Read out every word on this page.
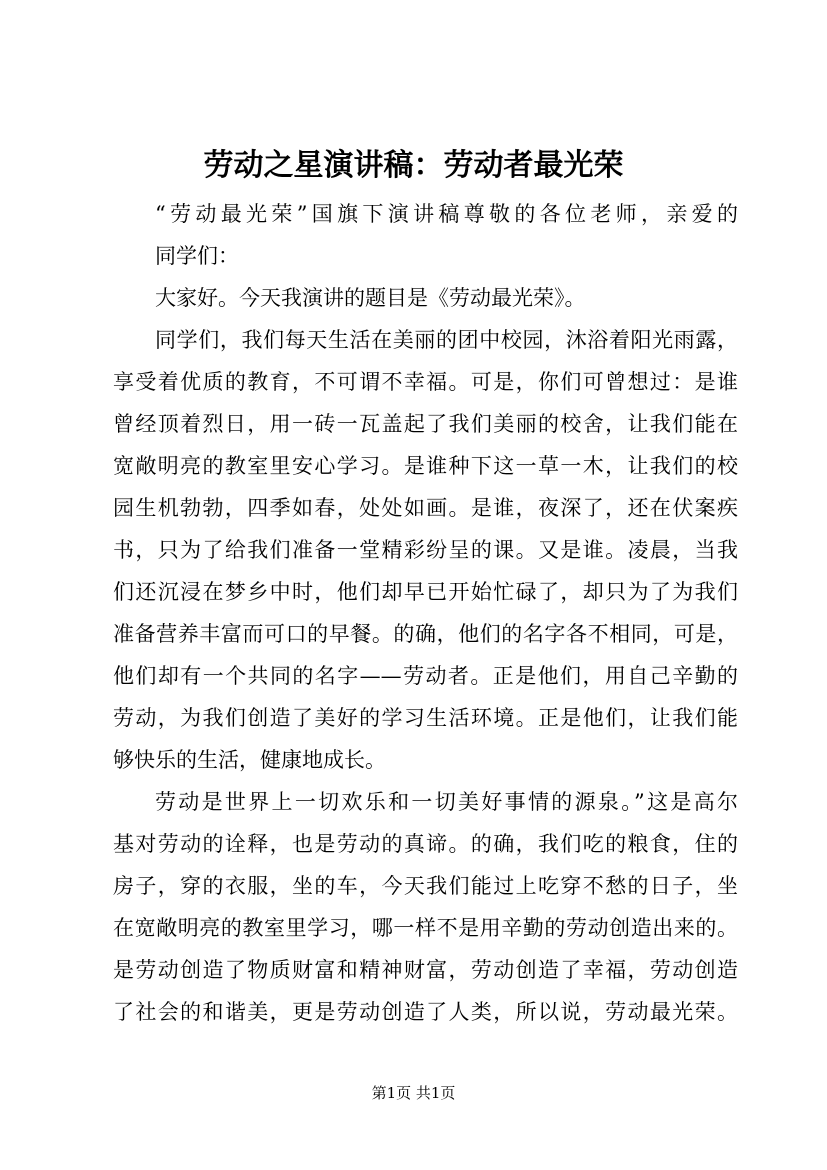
劳动之星演讲稿：劳动者最光荣

“劳动最光荣”国旗下演讲稿尊敬的各位老师，亲爱的

同学们：

大家好。今天我演讲的题目是《劳动最光荣》。

同学们，我们每天生活在美丽的团中校园，沐浴着阳光雨露，

享受着优质的教育，不可谓不幸福。可是，你们可曾想过：是谁

曾经顶着烈日，用一砖一瓦盖起了我们美丽的校舍，让我们能在

宽敞明亮的教室里安心学习。是谁种下这一草一木，让我们的校

园生机勃勃，四季如春，处处如画。是谁，夜深了，还在伏案疾

书，只为了给我们准备一堂精彩纷呈的课。又是谁。凌晨，当我

们还沉浸在梦乡中时，他们却早已开始忙碌了，却只为了为我们

准备营养丰富而可口的早餐。的确，他们的名字各不相同，可是，

他们却有一个共同的名字——劳动者。正是他们，用自己辛勤的

劳动，为我们创造了美好的学习生活环境。正是他们，让我们能

够快乐的生活，健康地成长。

劳动是世界上一切欢乐和一切美好事情的源泉。”这是高尔

基对劳动的诠释，也是劳动的真谛。的确，我们吃的粮食，住的

房子，穿的衣服，坐的车，今天我们能过上吃穿不愁的日子，坐

在宽敞明亮的教室里学习，哪一样不是用辛勤的劳动创造出来的。

是劳动创造了物质财富和精神财富，劳动创造了幸福，劳动创造

了社会的和谐美，更是劳动创造了人类，所以说，劳动最光荣。

第1页 共1页
